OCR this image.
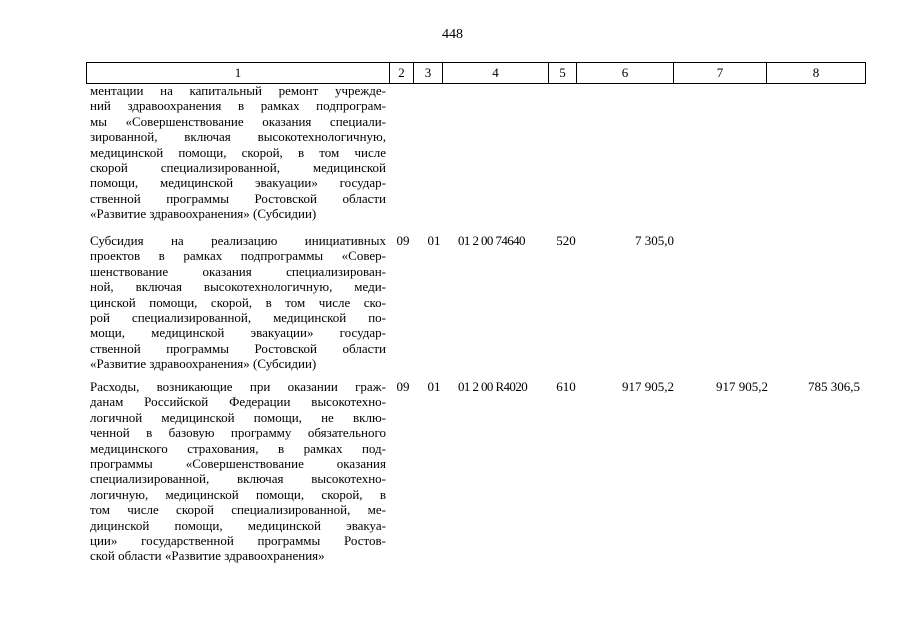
448
1	2	3	4	5	6	7	8
ментации на капитальный ремонт учрежде-
ний здравоохранения в рамках подпрограм-
мы «Совершенствование оказания специали-
зированной, включая высокотехнологичную,
медицинской помощи, скорой, в том числе
скорой специализированной, медицинской
помощи, медицинской эвакуации» государ-
ственной программы Ростовской области
«Развитие здравоохранения» (Субсидии)
Субсидия на реализацию инициативных
проектов в рамках подпрограммы «Совер-
шенствование оказания специализирован-
ной, включая высокотехнологичную, меди-
цинской помощи, скорой, в том числе ско-
рой специализированной, медицинской по-
мощи, медицинской эвакуации» государ-
ственной программы Ростовской области
«Развитие здравоохранения» (Субсидии)
09	01	01 2 00 74640	520	7 305,0
Расходы, возникающие при оказании граж-
данам Российской Федерации высокотехно-
логичной медицинской помощи, не вклю-
ченной в базовую программу обязательного
медицинского страхования, в рамках под-
программы «Совершенствование оказания
специализированной, включая высокотехно-
логичную, медицинской помощи, скорой, в
том числе скорой специализированной, ме-
дицинской помощи, медицинской эвакуа-
ции» государственной программы Ростов-
ской области «Развитие здравоохранения»
09	01	01 2 00 R4020	610	917 905,2	917 905,2	785 306,5
